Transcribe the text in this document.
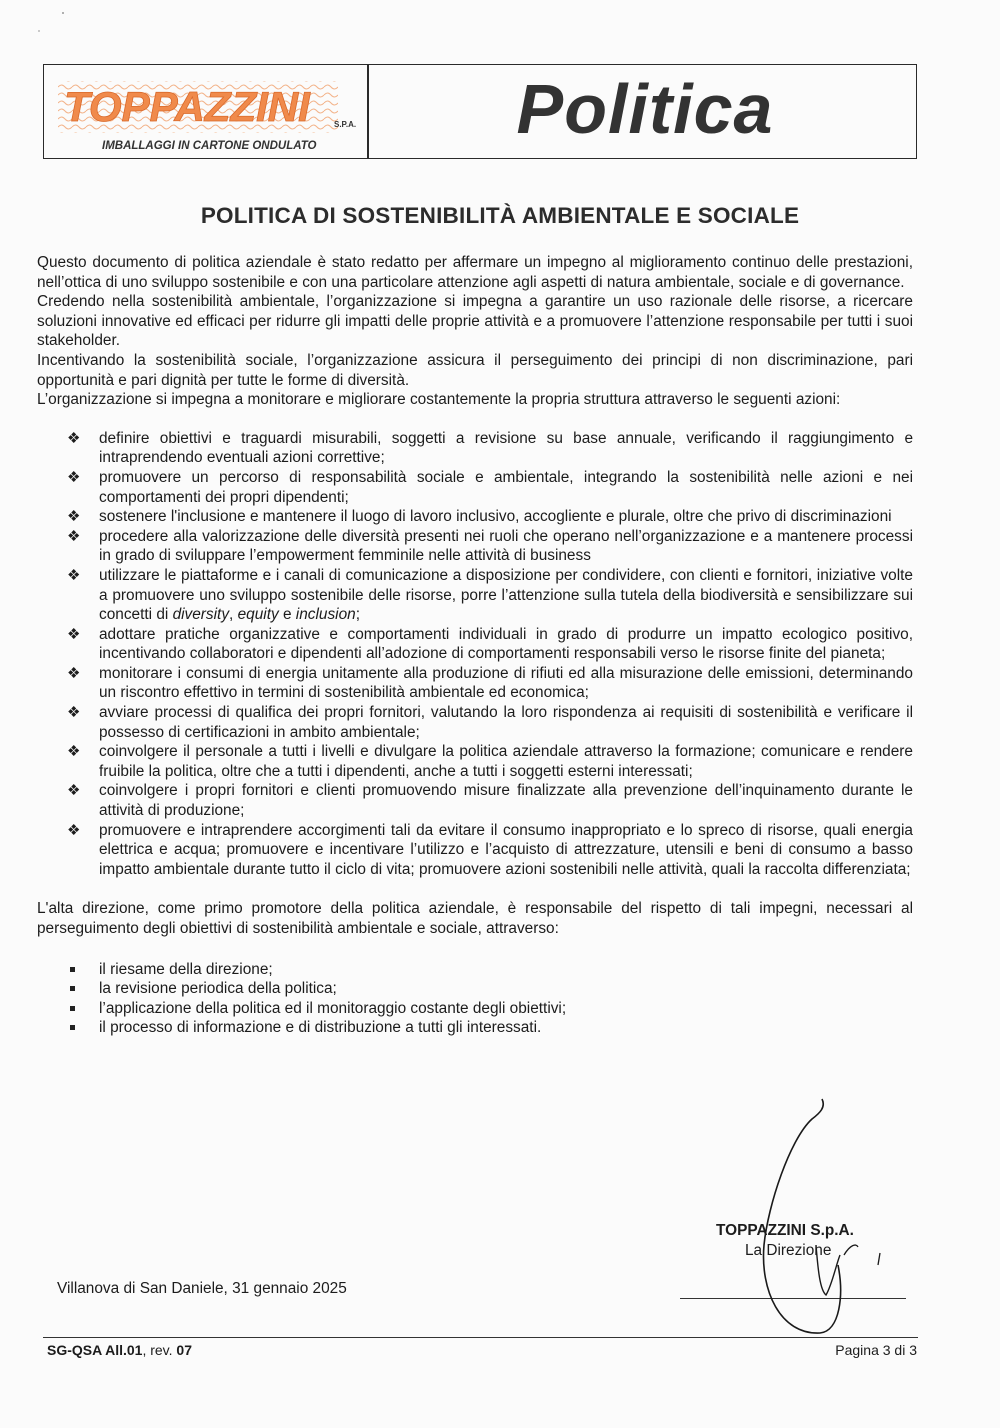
TOPPAZZINI	S.P.A.
IMBALLAGGI IN CARTONE ONDULATO	Politica
POLITICA DI SOSTENIBILITÀ AMBIENTALE E SOCIALE

Questo documento di politica aziendale è stato redatto per affermare un impegno al miglioramento continuo delle prestazioni, nell’ottica di uno sviluppo sostenibile e con una particolare attenzione agli aspetti di natura ambientale, sociale e di governance.

Credendo nella sostenibilità ambientale, l’organizzazione si impegna a garantire un uso razionale delle risorse, a ricercare soluzioni innovative ed efficaci per ridurre gli impatti delle proprie attività e a promuovere l’attenzione responsabile per tutti i suoi stakeholder.

Incentivando la sostenibilità sociale, l’organizzazione assicura il perseguimento dei principi di non discriminazione, pari opportunità e pari dignità per tutte le forme di diversità.

L’organizzazione si impegna a monitorare e migliorare costantemente la propria struttura attraverso le seguenti azioni:

❖ definire obiettivi e traguardi misurabili, soggetti a revisione su base annuale, verificando il raggiungimento e intraprendendo eventuali azioni correttive;
❖ promuovere un percorso di responsabilità sociale e ambientale, integrando la sostenibilità nelle azioni e nei comportamenti dei propri dipendenti;
❖ sostenere l'inclusione e mantenere il luogo di lavoro inclusivo, accogliente e plurale, oltre che privo di discriminazioni
❖ procedere alla valorizzazione delle diversità presenti nei ruoli che operano nell’organizzazione e a mantenere processi in grado di sviluppare l’empowerment femminile nelle attività di business
❖ utilizzare le piattaforme e i canali di comunicazione a disposizione per condividere, con clienti e fornitori, iniziative volte a promuovere uno sviluppo sostenibile delle risorse, porre l’attenzione sulla tutela della biodiversità e sensibilizzare sui concetti di diversity, equity e inclusion;
❖ adottare pratiche organizzative e comportamenti individuali in grado di produrre un impatto ecologico positivo, incentivando collaboratori e dipendenti all’adozione di comportamenti responsabili verso le risorse finite del pianeta;
❖ monitorare i consumi di energia unitamente alla produzione di rifiuti ed alla misurazione delle emissioni, determinando un riscontro effettivo in termini di sostenibilità ambientale ed economica;
❖ avviare processi di qualifica dei propri fornitori, valutando la loro rispondenza ai requisiti di sostenibilità e verificare il possesso di certificazioni in ambito ambientale;
❖ coinvolgere il personale a tutti i livelli e divulgare la politica aziendale attraverso la formazione; comunicare e rendere fruibile la politica, oltre che a tutti i dipendenti, anche a tutti i soggetti esterni interessati;
❖ coinvolgere i propri fornitori e clienti promuovendo misure finalizzate alla prevenzione dell’inquinamento durante le attività di produzione;
❖ promuovere e intraprendere accorgimenti tali da evitare il consumo inappropriato e lo spreco di risorse, quali energia elettrica e acqua; promuovere e incentivare l’utilizzo e l’acquisto di attrezzature, utensili e beni di consumo a basso impatto ambientale durante tutto il ciclo di vita; promuovere azioni sostenibili nelle attività, quali la raccolta differenziata;

L'alta direzione, come primo promotore della politica aziendale, è responsabile del rispetto di tali impegni, necessari al perseguimento degli obiettivi di sostenibilità ambientale e sociale, attraverso:

il riesame della direzione;
la revisione periodica della politica;
l’applicazione della politica ed il monitoraggio costante degli obiettivi;
il processo di informazione e di distribuzione a tutti gli interessati.
TOPPAZZINI S.p.A.
La Direzione
Villanova di San Daniele, 31 gennaio 2025
SG-QSA All.01, rev. 07	Pagina 3 di 3
